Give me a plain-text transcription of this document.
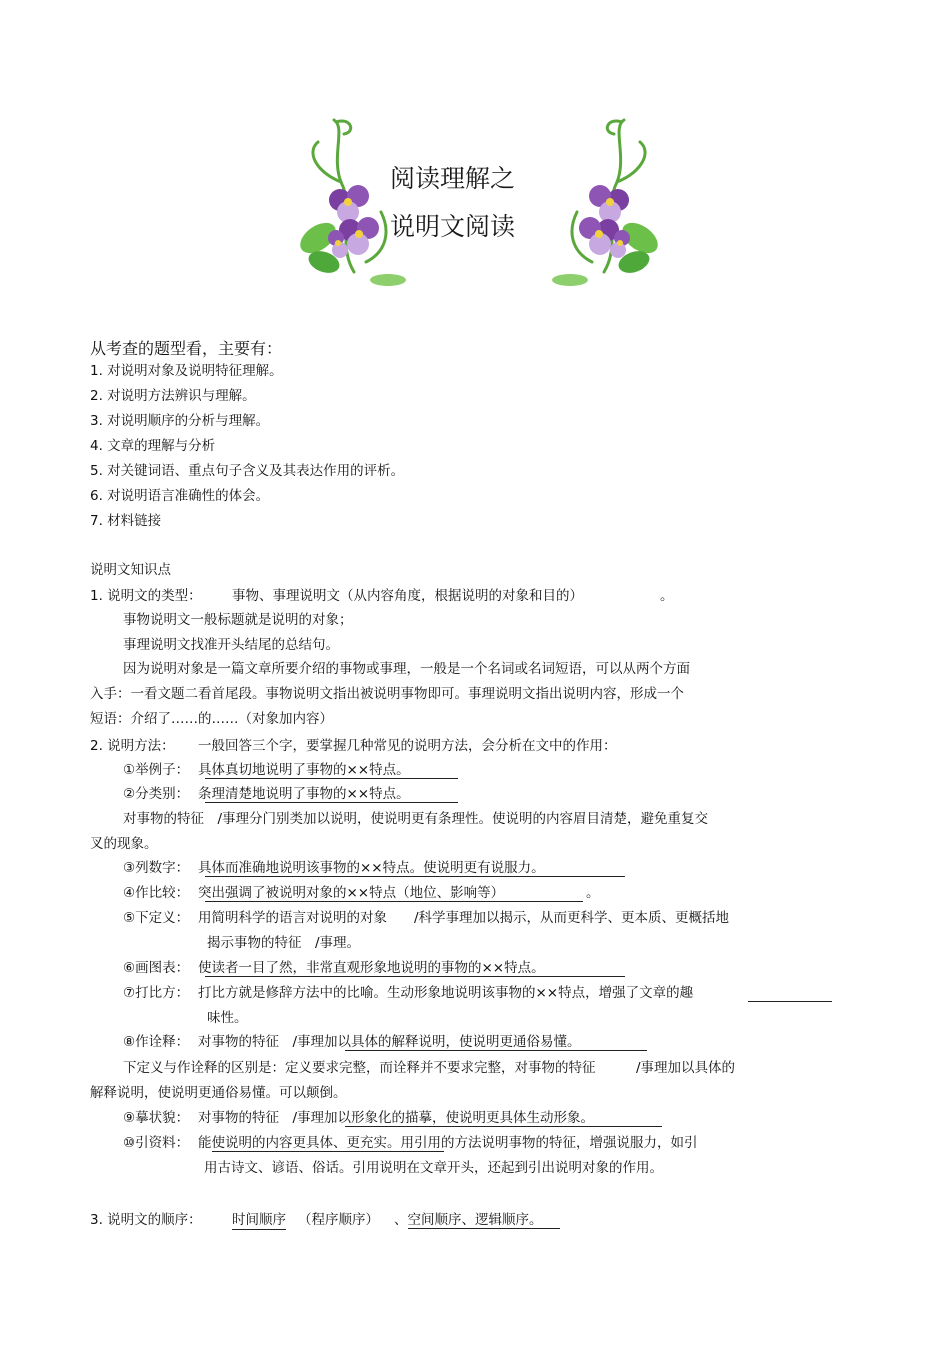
阅读理解之
说明文阅读
从考查的题型看，主要有：
1. 对说明对象及说明特征理解。
2. 对说明方法辨识与理解。
3. 对说明顺序的分析与理解。
4. 文章的理解与分析
5. 对关键词语、重点句子含义及其表达作用的评析。
6. 对说明语言准确性的体会。
7. 材料链接
说明文知识点
1. 说明文的类型： 事物、事理说明文（从内容角度，根据说明的对象和目的）	。
事物说明文一般标题就是说明的对象；
事理说明文找准开头结尾的总结句。
因为说明对象是一篇文章所要介绍的事物或事理，一般是一个名词或名词短语，可以从两个方面
入手：一看文题二看首尾段。事物说明文指出被说明事物即可。事理说明文指出说明内容，形成一个
短语：介绍了……的……（对象加内容）
2. 说明方法： 一般回答三个字，要掌握几种常见的说明方法，会分析在文中的作用：
①举例子： 具体真切地说明了事物的××特点。
②分类别： 条理清楚地说明了事物的××特点。
对事物的特征　/事理分门别类加以说明，使说明更有条理性。使说明的内容眉目清楚，避免重复交
叉的现象。
③列数字： 具体而准确地说明该事物的××特点。使说明更有说服力。
④作比较： 突出强调了被说明对象的××特点（地位、影响等）	。
⑤下定义： 用简明科学的语言对说明的对象　　/科学事理加以揭示，从而更科学、更本质、更概括地
揭示事物的特征　/事理。
⑥画图表： 使读者一目了然，非常直观形象地说明的事物的××特点。
⑦打比方： 打比方就是修辞方法中的比喻。生动形象地说明该事物的××特点，增强了文章的趣
味性。
⑧作诠释： 对事物的特征　/事理加以具体的解释说明，使说明更通俗易懂。
下定义与作诠释的区别是：定义要求完整，而诠释并不要求完整，对事物的特征　　　/事理加以具体的
解释说明，使说明更通俗易懂。可以颠倒。
⑨摹状貌： 对事物的特征　/事理加以形象化的描摹，使说明更具体生动形象。
⑩引资料： 能使说明的内容更具体、更充实。用引用的方法说明事物的特征，增强说服力，如引
用古诗文、谚语、俗话。引用说明在文章开头，还起到引出说明对象的作用。
3. 说明文的顺序： 时间顺序 （程序顺序） 、空间顺序、逻辑顺序。
